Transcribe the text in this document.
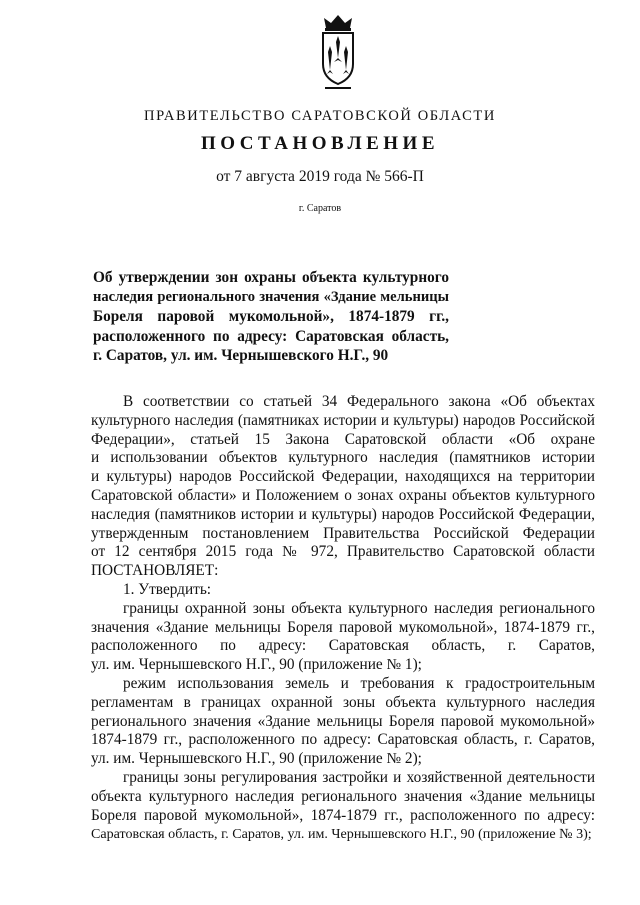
ПРАВИТЕЛЬСТВО САРАТОВСКОЙ ОБЛАСТИ
ПОСТАНОВЛЕНИЕ
от 7 августа 2019 года № 566-П
г. Саратов
Об утверждении зон охраны объекта культурного
наследия регионального значения «Здание мельницы
Бореля паровой мукомольной», 1874-1879 гг.,
расположенного по адресу: Саратовская область,
г. Саратов, ул. им. Чернышевского Н.Г., 90
В соответствии со статьей 34 Федерального закона «Об объектах
культурного наследия (памятниках истории и культуры) народов Российской
Федерации», статьей 15 Закона Саратовской области «Об охране
и использовании объектов культурного наследия (памятников истории
и культуры) народов Российской Федерации, находящихся на территории
Саратовской области» и Положением о зонах охраны объектов культурного
наследия (памятников истории и культуры) народов Российской Федерации,
утвержденным постановлением Правительства Российской Федерации
от 12 сентября 2015 года № 972, Правительство Саратовской области
ПОСТАНОВЛЯЕТ:
1. Утвердить:
границы охранной зоны объекта культурного наследия регионального
значения «Здание мельницы Бореля паровой мукомольной», 1874-1879 гг.,
расположенного по адресу: Саратовская область, г. Саратов,
ул. им. Чернышевского Н.Г., 90 (приложение № 1);
режим использования земель и требования к градостроительным
регламентам в границах охранной зоны объекта культурного наследия
регионального значения «Здание мельницы Бореля паровой мукомольной»
1874-1879 гг., расположенного по адресу: Саратовская область, г. Саратов,
ул. им. Чернышевского Н.Г., 90 (приложение № 2);
границы зоны регулирования застройки и хозяйственной деятельности
объекта культурного наследия регионального значения «Здание мельницы
Бореля паровой мукомольной», 1874-1879 гг., расположенного по адресу:
Саратовская область, г. Саратов, ул. им. Чернышевского Н.Г., 90 (приложение № 3);
